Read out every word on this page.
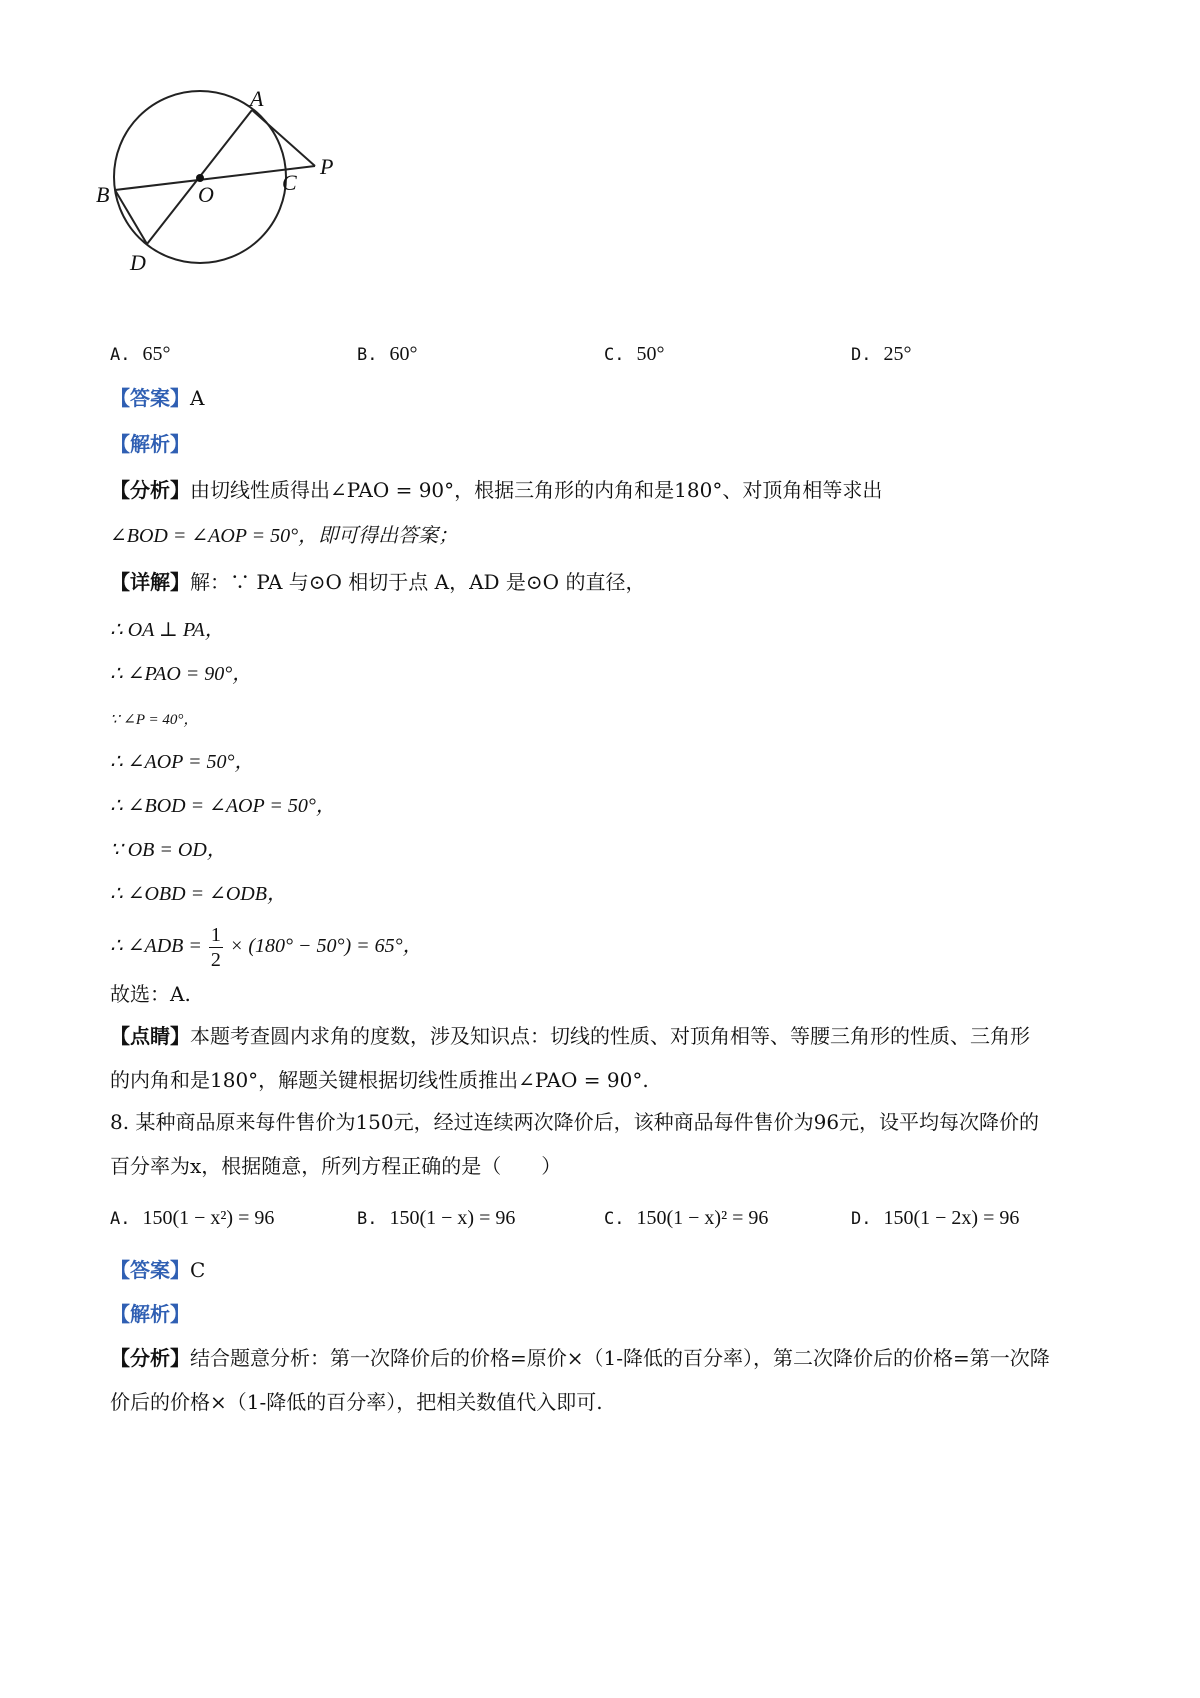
A
B	O	C
P
D
A. 65°	B. 60°	C. 50°	D. 25°
【答案】A
【解析】
【分析】由切线性质得出∠PAO = 90°，根据三角形的内角和是180°、对顶角相等求出
∠BOD = ∠AOP = 50°，即可得出答案；
【详解】解：∵ PA 与⊙O 相切于点 A，AD 是⊙O 的直径，
∴ OA ⊥ PA，
∴ ∠PAO = 90°，
∵ ∠P = 40°，
∴ ∠AOP = 50°，
∴ ∠BOD = ∠AOP = 50°，
∵ OB = OD，
∴ ∠OBD = ∠ODB，
∴ ∠ADB = $\frac{1}{2} \times (180^\circ - 50^\circ) = 65^\circ$，
故选：A.
【点睛】本题考查圆内求角的度数，涉及知识点：切线的性质、对顶角相等、等腰三角形的性质、三角形
的内角和是180°，解题关键根据切线性质推出∠PAO = 90°.
8. 某种商品原来每件售价为150元，经过连续两次降价后，该种商品每件售价为96元，设平均每次降价的
百分率为x，根据随意，所列方程正确的是（　　）
A. 150(1 − x²) = 96	B. 150(1 − x) = 96	C. 150(1 − x)² = 96	D. 150(1 − 2x) = 96
【答案】C
【解析】
【分析】结合题意分析：第一次降价后的价格=原价×（1-降低的百分率），第二次降价后的价格=第一次降
价后的价格×（1-降低的百分率），把相关数值代入即可.
